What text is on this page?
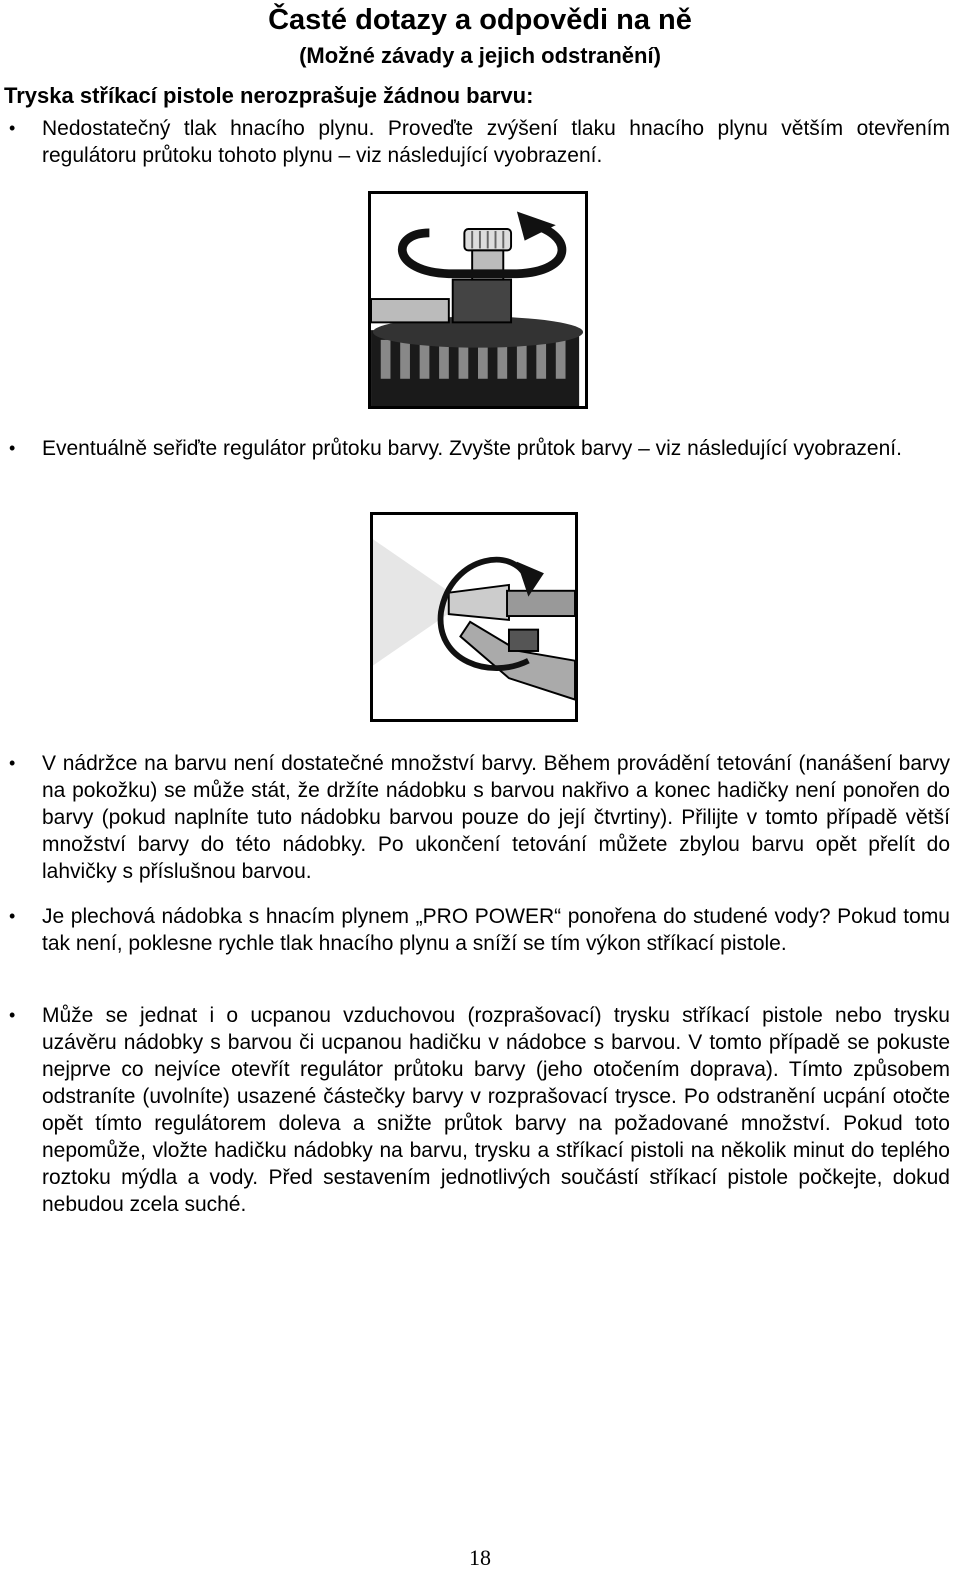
Časté dotazy a odpovědi na ně
(Možné závady a jejich odstranění)
Tryska stříkací pistole nerozprašuje žádnou barvu:
•	Nedostatečný tlak hnacího plynu. Proveďte zvýšení tlaku hnacího plynu větším otevřením regulátoru průtoku tohoto plynu – viz následující vyobrazení.
•	Eventuálně seřiďte regulátor průtoku barvy. Zvyšte průtok barvy – viz následující vyobrazení.
•	V nádržce na barvu není dostatečné množství barvy. Během provádění tetování (nanášení barvy na pokožku) se může stát, že držíte nádobku s barvou nakřivo a konec hadičky není ponořen do barvy (pokud naplníte tuto nádobku barvou pouze do její čtvrtiny). Přilijte v tomto případě větší množství barvy do této nádobky. Po ukončení tetování můžete zbylou barvu opět přelít do lahvičky s příslušnou barvou.
•	Je plechová nádobka s hnacím plynem „PRO POWER“ ponořena do studené vody? Pokud tomu tak není, poklesne rychle tlak hnacího plynu a sníží se tím výkon stříkací pistole.
•	Může se jednat i o ucpanou vzduchovou (rozprašovací) trysku stříkací pistole nebo trysku uzávěru nádobky s barvou či ucpanou hadičku v nádobce s barvou. V tomto případě se pokuste nejprve co nejvíce otevřít regulátor průtoku barvy (jeho otočením doprava). Tímto způsobem odstraníte (uvolníte) usazené částečky barvy v rozprašovací trysce. Po odstranění ucpání otočte opět tímto regulátorem doleva a snižte průtok barvy na požadované množství. Pokud toto nepomůže, vložte hadičku nádobky na barvu, trysku a stříkací pistoli na několik minut do teplého roztoku mýdla a vody. Před sestavením jednotlivých součástí stříkací pistole počkejte, dokud nebudou zcela suché.
18
